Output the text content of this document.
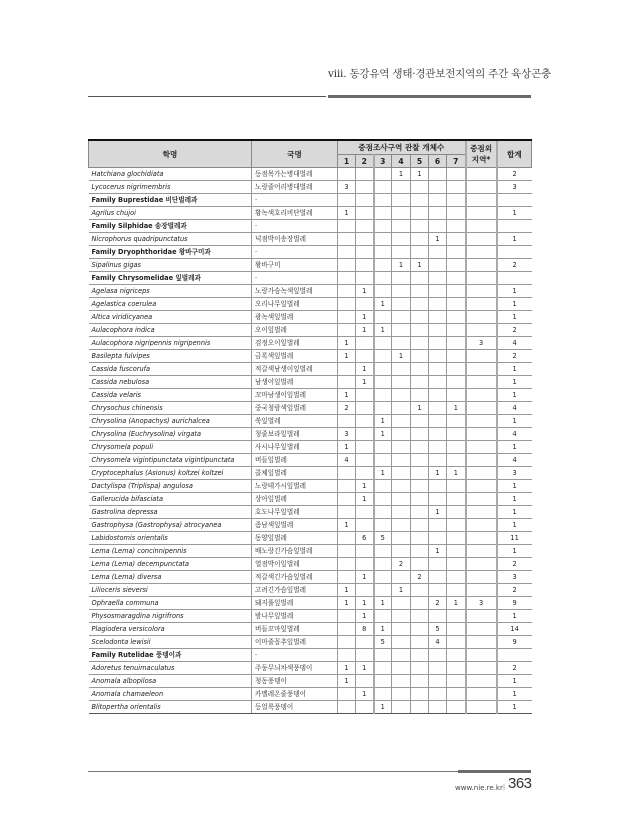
viii. 동강유역 생태·경관보전지역의 주간 육상곤충
학명	국명	중점조사구역 관찰 개체수							중점외 지역*	합계
		1	2	3	4	5	6	7		
Hatchiana glochidiata	등점목가는병대벌레				1	1				2
Lycocerus nigrimembris	노랑줄어리병대벌레	3								3
Family Buprestidae 비단벌레과	·									
Agrilus chujoi	황녹색호리비단벌레	1								1
Family Silphidae 송장벌레과	·									
Nicrophorus quadripunctatus	넉점박이송장벌레						1			1
Family Dryophthoridae 왕바구미과	·									
Sipalinus gigas	왕바구미				1	1				2
Family Chrysomelidae 잎벌레과	·									
Agelasa nigriceps	노랑가슴녹색잎벌레		1							1
Agelastica coerulea	오리나무잎벌레			1						1
Altica viridicyanea	광녹색잎벌레		1							1
Aulacophora indica	오이잎벌레		1	1						2
Aulacophora nigripennis nigripennis	검정오이잎벌레	1							3	4
Basilepta fulvipes	금록색잎벌레	1			1					2
Cassida fuscorufa	적갈색남생이잎벌레		1							1
Cassida nebulosa	남생이잎벌레		1							1
Cassida velaris	꼬마남생이잎벌레	1								1
Chrysochus chinensis	중국청람색잎벌레	2				1		1		4
Chrysolina (Anopachys) aurichalcea	쑥잎벌레			1						1
Chrysolina (Euchrysolina) virgata	청줄보라잎벌레	3		1						4
Chrysomela populi	사시나무잎벌레	1								1
Chrysomela vigintipunctata vigintipunctata	버들잎벌레	4								4
Cryptocephalus (Asionus) koltzei koltzei	콜체잎벌레			1			1	1		3
Dactylispa (Triplispa) angulosa	노랑테가시잎벌레		1							1
Gallerucida bifasciata	상아잎벌레		1							1
Gastrolina depressa	호도나무잎벌레						1			1
Gastrophysa (Gastrophysa) atrocyanea	좀남색잎벌레	1								1
Labidostomis orientalis	동양잎벌레		6	5						11
Lema (Lema) concinnipennis	배노랑긴가슴잎벌레						1			1
Lema (Lema) decempunctata	열점박이잎벌레				2					2
Lema (Lema) diversa	적갈색긴가슴잎벌레		1			2				3
Lilioceris sieversi	고려긴가슴잎벌레	1			1					2
Ophraella communa	돼지풀잎벌레	1	1	1			2	1	3	9
Physosmaragdina nigrifrons	밤나무잎벌레		1							1
Plagiodera versicolora	버들꼬마잎벌레		8	1			5			14
Scelodonta lewisii	이마줄꼽추잎벌레			5			4			9
Family Rutelidae 풍뎅이과	·									
Adoretus tenuimaculatus	주둥무늬차색풍뎅이	1	1							2
Anomala albopilosa	청동풍뎅이	1								1
Anomala chamaeleon	카멜레온줄풍뎅이		1							1
Blitopertha orientalis	등얼룩풍뎅이			1						1
www.nie.re.kr | 363
